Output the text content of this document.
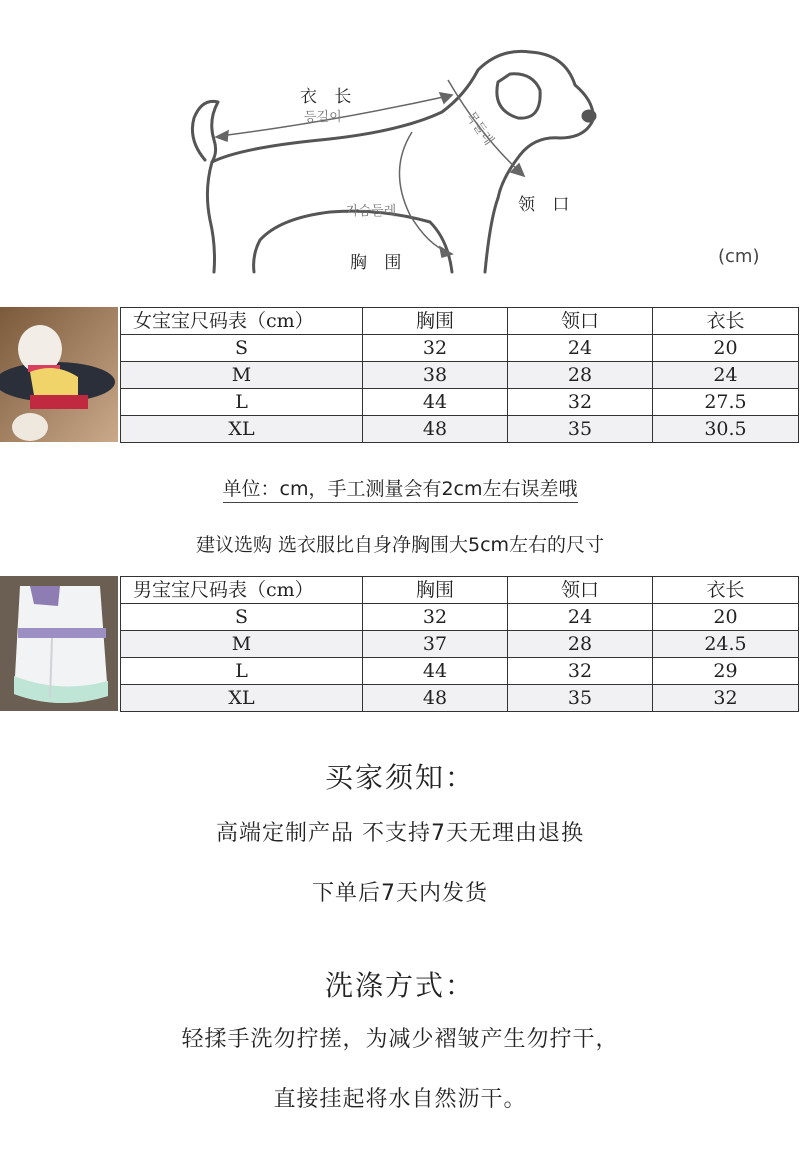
衣 长
등길이	목둘레
领 口
가슴둘레
胸 围	(cm)
女宝宝尺码表（cm）	胸围	领口	衣长
S	32	24	20
M	38	28	24
L	44	32	27.5
XL	48	35	30.5
单位：cm，手工测量会有2cm左右误差哦
建议选购 选衣服比自身净胸围大5cm左右的尺寸
男宝宝尺码表（cm）	胸围	领口	衣长
S	32	24	20
M	37	28	24.5
L	44	32	29
XL	48	35	32
买家须知：
高端定制产品 不支持7天无理由退换
下单后7天内发货
洗涤方式：
轻揉手洗勿拧搓，为减少褶皱产生勿拧干，
直接挂起将水自然沥干。
